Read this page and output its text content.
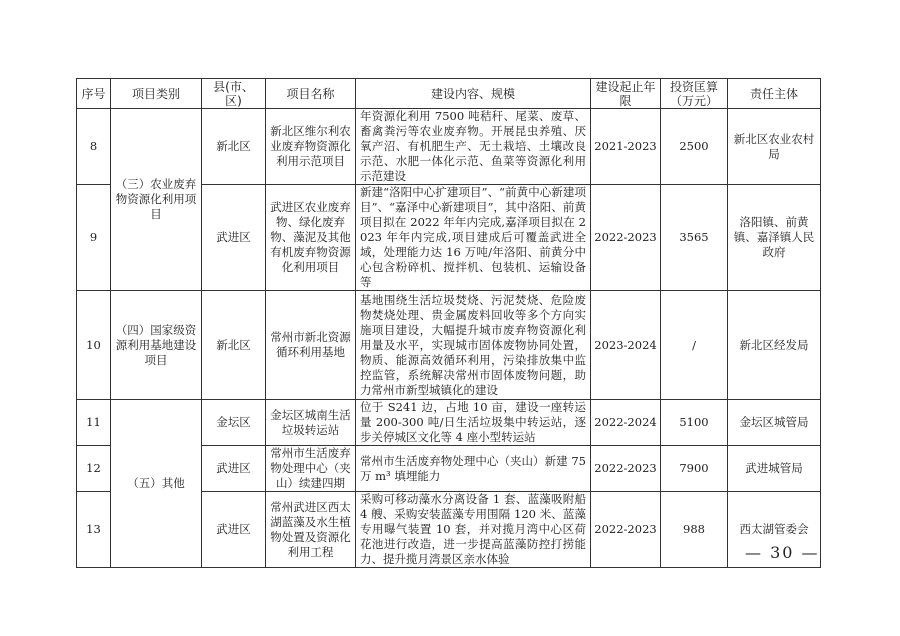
序号	项目类别	县(市、区)	项目名称	建设内容、规模	建设起止年限	投资匡算（万元）	责任主体
8	（三）农业废弃物资源化利用项目	新北区	新北区维尔利农业废弃物资源化利用示范项目	年资源化利用 7500 吨秸秆、尾菜、废草、畜禽粪污等农业废弃物。开展昆虫养殖、厌氧产沼、有机肥生产、无土栽培、土壤改良示范、水肥一体化示范、鱼菜等资源化利用示范建设	2021-2023	2500	新北区农业农村局
9		武进区	武进区农业废弃物、绿化废弃物、藻泥及其他有机废弃物资源化利用项目	新建“洛阳中心扩建项目”、“前黄中心新建项目”、“嘉泽中心新建项目”，其中洛阳、前黄项目拟在 2022 年年内完成,嘉泽项目拟在 2023 年年内完成,项目建成后可覆盖武进全域，处理能力达 16 万吨/年洛阳、前黄分中心包含粉碎机、搅拌机、包装机、运输设备等	2022-2023	3565	洛阳镇、前黄镇、嘉泽镇人民政府
10	（四）国家级资源利用基地建设项目	新北区	常州市新北资源循环利用基地	基地围绕生活垃圾焚烧、污泥焚烧、危险废物焚烧处理、贵金属废料回收等多个方向实施项目建设，大幅提升城市废弃物资源化利用量及水平，实现城市固体废物协同处置，物质、能源高效循环利用，污染排放集中监控监管，系统解决常州市固体废物问题，助力常州市新型城镇化的建设	2023-2024	/	新北区经发局
11	（五）其他	金坛区	金坛区城南生活垃圾转运站	位于 S241 边，占地 10 亩，建设一座转运量 200-300 吨/日生活垃圾集中转运站，逐步关停城区文化等 4 座小型转运站	2022-2024	5100	金坛区城管局
12		武进区	常州市生活废弃物处理中心（夹山）续建四期	常州市生活废弃物处理中心（夹山）新建 75 万 m³ 填埋能力	2022-2023	7900	武进城管局
13		武进区	常州武进区西太湖蓝藻及水生植物处置及资源化利用工程	采购可移动藻水分离设备 1 套、蓝藻吸附船 4 艘、采购安装蓝藻专用围隔 120 米、蓝藻专用曝气装置 10 套，并对揽月湾中心区荷花池进行改造，进一步提高蓝藻防控打捞能力、提升揽月湾景区亲水体验	2022-2023	988	西太湖管委会
— 30 —
